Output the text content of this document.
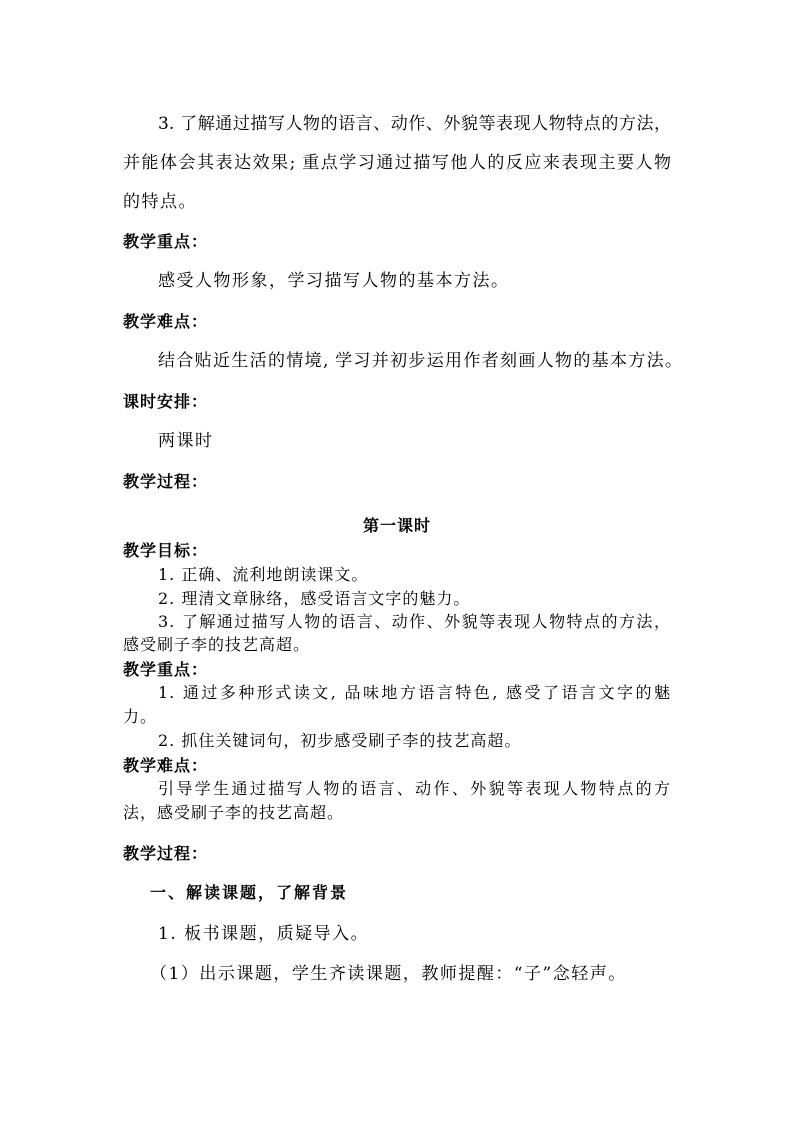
3. 了解通过描写人物的语言、动作、外貌等表现人物特点的方法，
并能体会其表达效果; 重点学习通过描写他人的反应来表现主要人物
的特点。
教学重点：
感受人物形象，学习描写人物的基本方法。
教学难点：
结合贴近生活的情境, 学习并初步运用作者刻画人物的基本方法。
课时安排：
两课时
教学过程：
第一课时
教学目标：
1. 正确、流利地朗读课文。
2. 理清文章脉络，感受语言文字的魅力。
3. 了解通过描写人物的语言、动作、外貌等表现人物特点的方法，
感受刷子李的技艺高超。
教学重点：
1. 通过多种形式读文, 品味地方语言特色, 感受了语言文字的魅
力。
2. 抓住关键词句，初步感受刷子李的技艺高超。
教学难点：
引导学生通过描写人物的语言、动作、外貌等表现人物特点的方
法，感受刷子李的技艺高超。
教学过程：
一、解读课题，了解背景
1. 板书课题，质疑导入。
（1）出示课题，学生齐读课题，教师提醒：“子”念轻声。
